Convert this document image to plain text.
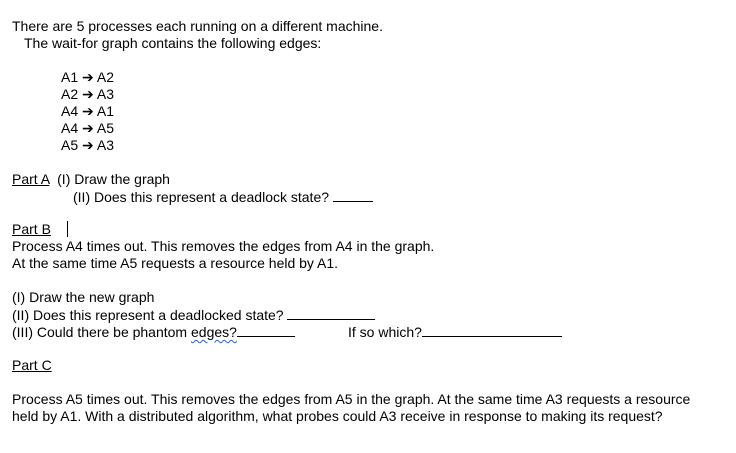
There are 5 processes each running on a different machine.
The wait-for graph contains the following edges:
A1 ➔ A2
A2 ➔ A3
A4 ➔ A1
A4 ➔ A5
A5 ➔ A3
Part A (I) Draw the graph
(II) Does this represent a deadlock state?
Part B
Process A4 times out. This removes the edges from A4 in the graph.
At the same time A5 requests a resource held by A1.
(I) Draw the new graph
(II) Does this represent a deadlocked state?
(III) Could there be phantom edges?	If so which?
Part C
Process A5 times out. This removes the edges from A5 in the graph. At the same time A3 requests a resource
held by A1. With a distributed algorithm, what probes could A3 receive in response to making its request?
